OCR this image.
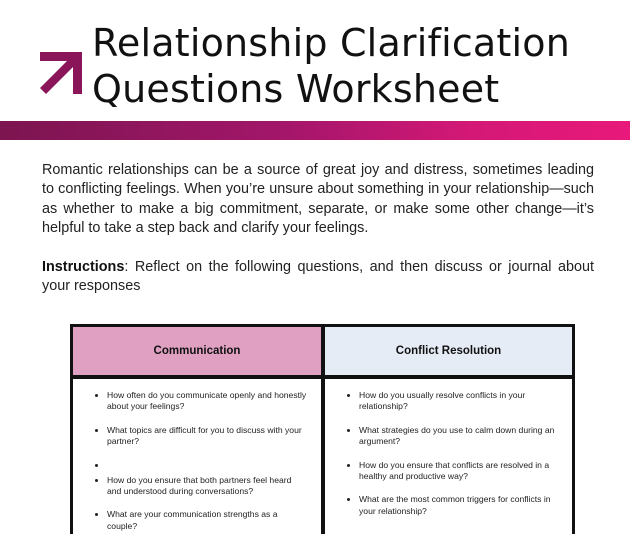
Relationship Clarification
Questions Worksheet

Romantic relationships can be a source of great joy and distress, sometimes leading to conflicting feelings. When you’re unsure about something in your relationship—such as whether to make a big commitment, separate, or make some other change—it’s helpful to take a step back and clarify your feelings.

Instructions: Reflect on the following questions, and then discuss or journal about your responses

Communication	Conflict Resolution
• How often do you communicate openly and honestly about your feelings?
• What topics are difficult for you to discuss with your partner?
•
• How do you ensure that both partners feel heard and understood during conversations?
• What are your communication strengths as a couple?
• How do you usually resolve conflicts in your relationship?
• What strategies do you use to calm down during an argument?
• How do you ensure that conflicts are resolved in a healthy and productive way?
• What are the most common triggers for conflicts in your relationship?
